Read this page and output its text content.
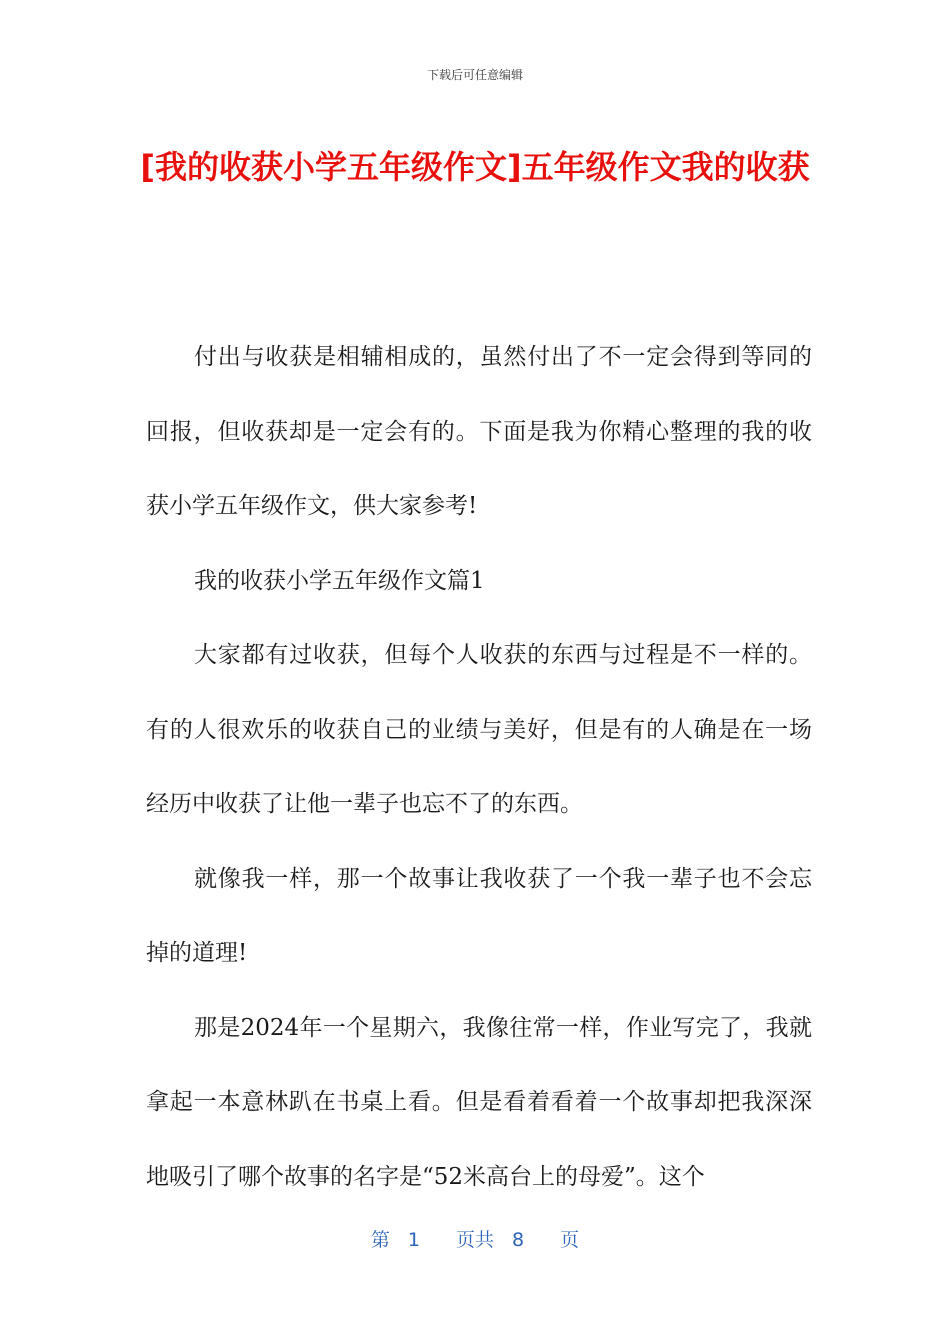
下载后可任意编辑
[我的收获小学五年级作文]五年级作文我的收获

付出与收获是相辅相成的，虽然付出了不一定会得到等同的回报，但收获却是一定会有的。下面是我为你精心整理的我的收获小学五年级作文，供大家参考!

我的收获小学五年级作文篇1

大家都有过收获，但每个人收获的东西与过程是不一样的。有的人很欢乐的收获自己的业绩与美好，但是有的人确是在一场经历中收获了让他一辈子也忘不了的东西。

就像我一样，那一个故事让我收获了一个我一辈子也不会忘掉的道理!

那是2024年一个星期六，我像往常一样，作业写完了，我就拿起一本意林趴在书桌上看。但是看着看着一个故事却把我深深地吸引了哪个故事的名字是“52米高台上的母爱”。这个

第 1 页共 8 页
